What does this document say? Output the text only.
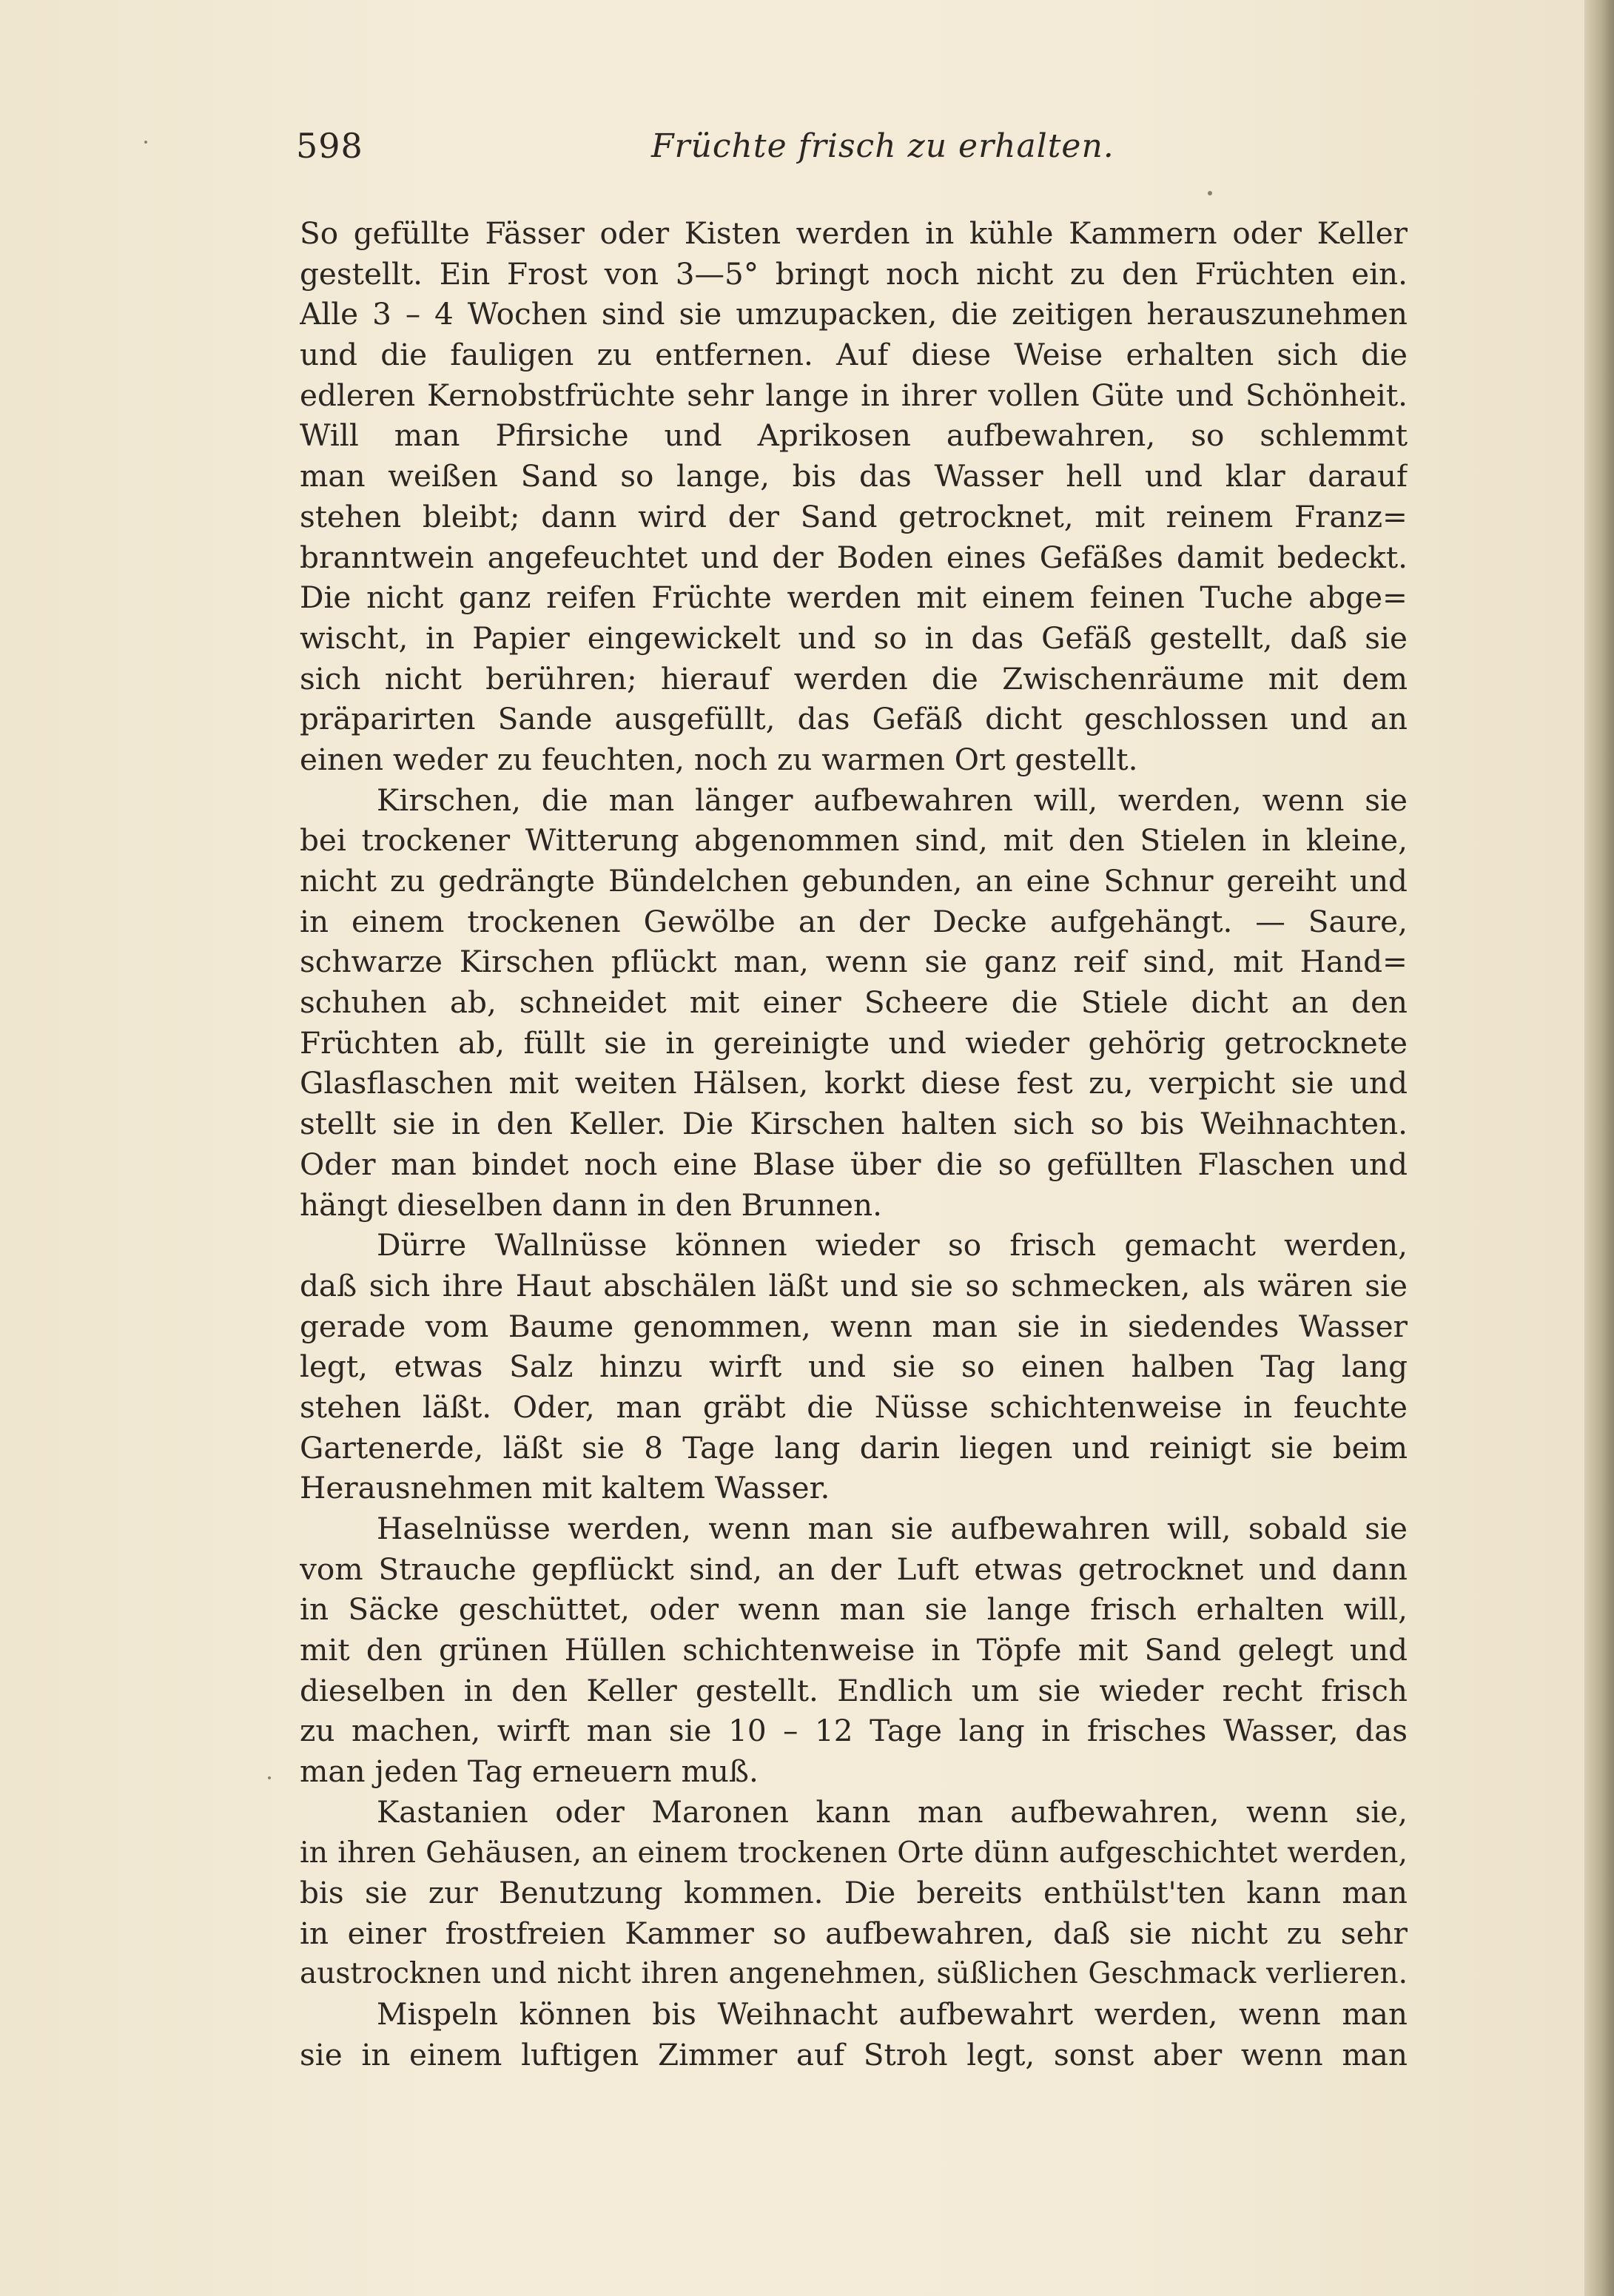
598	Früchte frisch zu erhalten.
So gefüllte Fässer oder Kisten werden in kühle Kammern oder Keller
gestellt. Ein Frost von 3—5° bringt noch nicht zu den Früchten ein.
Alle 3 – 4 Wochen sind sie umzupacken, die zeitigen herauszunehmen
und die fauligen zu entfernen. Auf diese Weise erhalten sich die
edleren Kernobstfrüchte sehr lange in ihrer vollen Güte und Schönheit.
Will man Pfirsiche und Aprikosen aufbewahren, so schlemmt
man weißen Sand so lange, bis das Wasser hell und klar darauf
stehen bleibt; dann wird der Sand getrocknet, mit reinem Franz=
branntwein angefeuchtet und der Boden eines Gefäßes damit bedeckt.
Die nicht ganz reifen Früchte werden mit einem feinen Tuche abge=
wischt, in Papier eingewickelt und so in das Gefäß gestellt, daß sie
sich nicht berühren; hierauf werden die Zwischenräume mit dem
präparirten Sande ausgefüllt, das Gefäß dicht geschlossen und an
einen weder zu feuchten, noch zu warmen Ort gestellt.
Kirschen, die man länger aufbewahren will, werden, wenn sie
bei trockener Witterung abgenommen sind, mit den Stielen in kleine,
nicht zu gedrängte Bündelchen gebunden, an eine Schnur gereiht und
in einem trockenen Gewölbe an der Decke aufgehängt. — Saure,
schwarze Kirschen pflückt man, wenn sie ganz reif sind, mit Hand=
schuhen ab, schneidet mit einer Scheere die Stiele dicht an den
Früchten ab, füllt sie in gereinigte und wieder gehörig getrocknete
Glasflaschen mit weiten Hälsen, korkt diese fest zu, verpicht sie und
stellt sie in den Keller. Die Kirschen halten sich so bis Weihnachten.
Oder man bindet noch eine Blase über die so gefüllten Flaschen und
hängt dieselben dann in den Brunnen.
Dürre Wallnüsse können wieder so frisch gemacht werden,
daß sich ihre Haut abschälen läßt und sie so schmecken, als wären sie
gerade vom Baume genommen, wenn man sie in siedendes Wasser
legt, etwas Salz hinzu wirft und sie so einen halben Tag lang
stehen läßt. Oder, man gräbt die Nüsse schichtenweise in feuchte
Gartenerde, läßt sie 8 Tage lang darin liegen und reinigt sie beim
Herausnehmen mit kaltem Wasser.
Haselnüsse werden, wenn man sie aufbewahren will, sobald sie
vom Strauche gepflückt sind, an der Luft etwas getrocknet und dann
in Säcke geschüttet, oder wenn man sie lange frisch erhalten will,
mit den grünen Hüllen schichtenweise in Töpfe mit Sand gelegt und
dieselben in den Keller gestellt. Endlich um sie wieder recht frisch
zu machen, wirft man sie 10 – 12 Tage lang in frisches Wasser, das
man jeden Tag erneuern muß.
Kastanien oder Maronen kann man aufbewahren, wenn sie,
in ihren Gehäusen, an einem trockenen Orte dünn aufgeschichtet werden,
bis sie zur Benutzung kommen. Die bereits enthülst'ten kann man
in einer frostfreien Kammer so aufbewahren, daß sie nicht zu sehr
austrocknen und nicht ihren angenehmen, süßlichen Geschmack verlieren.
Mispeln können bis Weihnacht aufbewahrt werden, wenn man
sie in einem luftigen Zimmer auf Stroh legt, sonst aber wenn man
